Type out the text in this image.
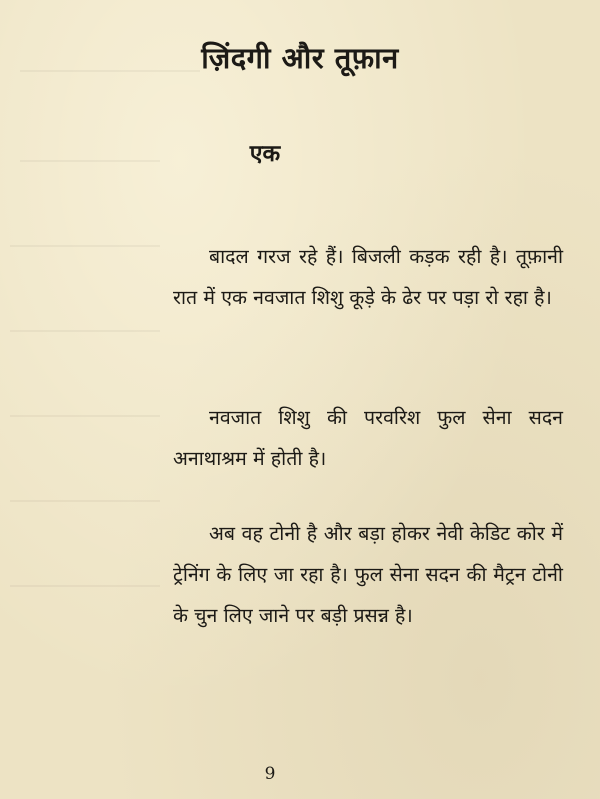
ज़िंदगी और तूफ़ान
एक

बादल गरज रहे हैं। बिजली कड़क रही है। तूफ़ानी रात में एक नवजात शिशु कूड़े के ढेर पर पड़ा रो रहा है।

नवजात शिशु की परवरिश फुल सेना सदन अनाथाश्रम में होती है।

अब वह टोनी है और बड़ा होकर नेवी केडिट कोर में ट्रेनिंग के लिए जा रहा है। फुल सेना सदन की मैट्रन टोनी के चुन लिए जाने पर बड़ी प्रसन्न है।

9
